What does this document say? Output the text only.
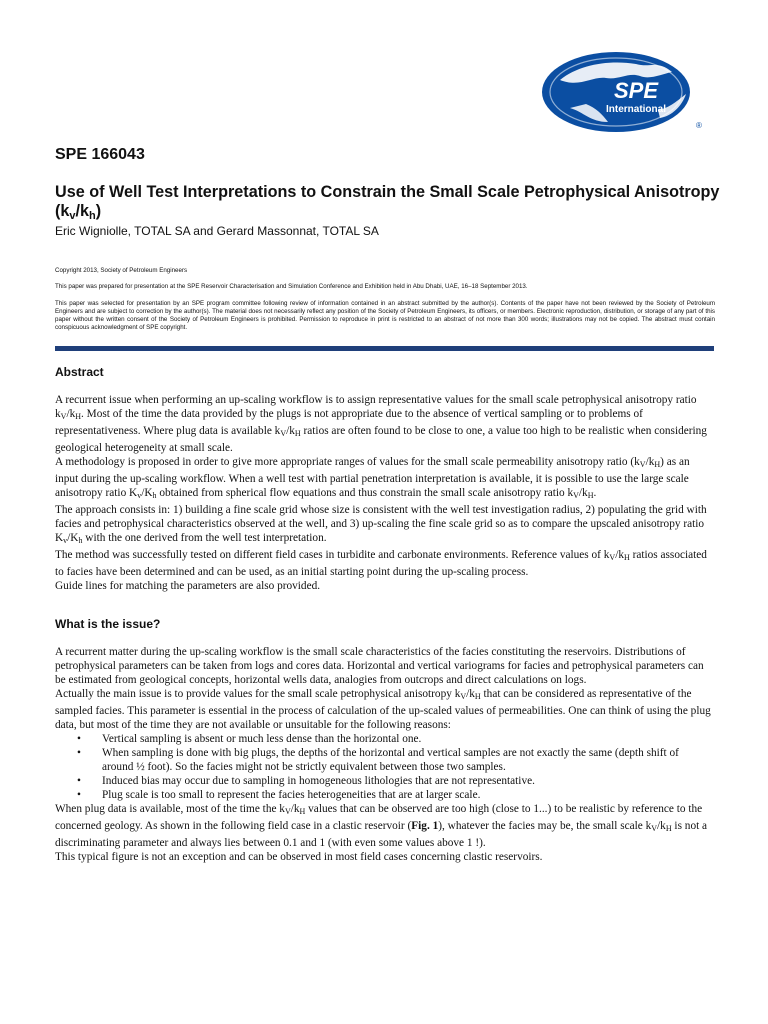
SPE
International
®
SPE 166043
Use of Well Test Interpretations to Constrain the Small Scale Petrophysical Anisotropy $(k_v/k_h)$
Eric Wigniolle, TOTAL SA and Gerard Massonnat, TOTAL SA

Copyright 2013, Society of Petroleum Engineers

This paper was prepared for presentation at the SPE Reservoir Characterisation and Simulation Conference and Exhibition held in Abu Dhabi, UAE, 16–18 September 2013.

This paper was selected for presentation by an SPE program committee following review of information contained in an abstract submitted by the author(s). Contents of the paper have not been reviewed by the Society of Petroleum Engineers and are subject to correction by the author(s). The material does not necessarily reflect any position of the Society of Petroleum Engineers, its officers, or members. Electronic reproduction, distribution, or storage of any part of this paper without the written consent of the Society of Petroleum Engineers is prohibited. Permission to reproduce in print is restricted to an abstract of not more than 300 words; illustrations may not be copied. The abstract must contain conspicuous acknowledgment of SPE copyright.

Abstract

A recurrent issue when performing an up-scaling workflow is to assign representative values for the small scale petrophysical anisotropy ratio $k_V/k_H$. Most of the time the data provided by the plugs is not appropriate due to the absence of vertical sampling or to problems of representativeness. Where plug data is available $k_V/k_H$ ratios are often found to be close to one, a value too high to be realistic when considering geological heterogeneity at small scale.

A methodology is proposed in order to give more appropriate ranges of values for the small scale permeability anisotropy ratio $(k_V/k_H)$ as an input during the up-scaling workflow. When a well test with partial penetration interpretation is available, it is possible to use the large scale anisotropy ratio $K_v/K_h$ obtained from spherical flow equations and thus constrain the small scale anisotropy ratio $k_V/k_H$.

The approach consists in: 1) building a fine scale grid whose size is consistent with the well test investigation radius, 2) populating the grid with facies and petrophysical characteristics observed at the well, and 3) up-scaling the fine scale grid so as to compare the upscaled anisotropy ratio $K_v/K_h$ with the one derived from the well test interpretation.

The method was successfully tested on different field cases in turbidite and carbonate environments. Reference values of $k_V/k_H$ ratios associated to facies have been determined and can be used, as an initial starting point during the up-scaling process.

Guide lines for matching the parameters are also provided.

What is the issue?

A recurrent matter during the up-scaling workflow is the small scale characteristics of the facies constituting the reservoirs. Distributions of petrophysical parameters can be taken from logs and cores data. Horizontal and vertical variograms for facies and petrophysical parameters can be estimated from geological concepts, horizontal wells data, analogies from outcrops and direct calculations on logs.

Actually the main issue is to provide values for the small scale petrophysical anisotropy $k_V/k_H$ that can be considered as representative of the sampled facies. This parameter is essential in the process of calculation of the up-scaled values of permeabilities. One can think of using the plug data, but most of the time they are not available or unsuitable for the following reasons:

• Vertical sampling is absent or much less dense than the horizontal one.
• When sampling is done with big plugs, the depths of the horizontal and vertical samples are not exactly the same (depth shift of around ½ foot). So the facies might not be strictly equivalent between those two samples.
• Induced bias may occur due to sampling in homogeneous lithologies that are not representative.
• Plug scale is too small to represent the facies heterogeneities that are at larger scale.

When plug data is available, most of the time the $k_V/k_H$ values that can be observed are too high (close to 1...) to be realistic by reference to the concerned geology. As shown in the following field case in a clastic reservoir (Fig. 1), whatever the facies may be, the small scale $k_V/k_H$ is not a discriminating parameter and always lies between 0.1 and 1 (with even some values above 1 !).

This typical figure is not an exception and can be observed in most field cases concerning clastic reservoirs.
